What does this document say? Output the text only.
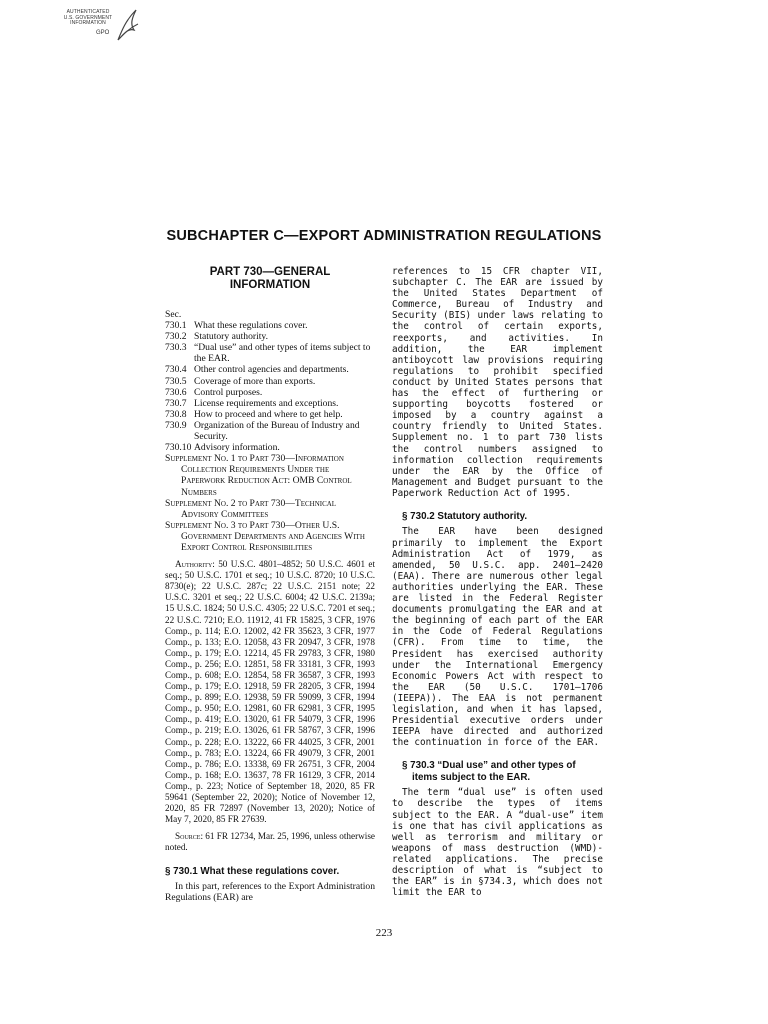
AUTHENTICATED
U.S. GOVERNMENT
INFORMATION
GPO
SUBCHAPTER C—EXPORT ADMINISTRATION REGULATIONS
PART 730—GENERAL
INFORMATION
Sec.
730.1 What these regulations cover.
730.2 Statutory authority.
730.3 “Dual use” and other types of items subject to the EAR.
730.4 Other control agencies and departments.
730.5 Coverage of more than exports.
730.6 Control purposes.
730.7 License requirements and exceptions.
730.8 How to proceed and where to get help.
730.9 Organization of the Bureau of Industry and Security.
730.10 Advisory information.
Supplement No. 1 to Part 730—Information Collection Requirements Under the Paperwork Reduction Act: OMB Control Numbers
Supplement No. 2 to Part 730—Technical Advisory Committees
Supplement No. 3 to Part 730—Other U.S. Government Departments and Agencies With Export Control Responsibilities
Authority: 50 U.S.C. 4801–4852; 50 U.S.C. 4601 et seq.; 50 U.S.C. 1701 et seq.; 10 U.S.C. 8720; 10 U.S.C. 8730(e); 22 U.S.C. 287c; 22 U.S.C. 2151 note; 22 U.S.C. 3201 et seq.; 22 U.S.C. 6004; 42 U.S.C. 2139a; 15 U.S.C. 1824; 50 U.S.C. 4305; 22 U.S.C. 7201 et seq.; 22 U.S.C. 7210; E.O. 11912, 41 FR 15825, 3 CFR, 1976 Comp., p. 114; E.O. 12002, 42 FR 35623, 3 CFR, 1977 Comp., p. 133; E.O. 12058, 43 FR 20947, 3 CFR, 1978 Comp., p. 179; E.O. 12214, 45 FR 29783, 3 CFR, 1980 Comp., p. 256; E.O. 12851, 58 FR 33181, 3 CFR, 1993 Comp., p. 608; E.O. 12854, 58 FR 36587, 3 CFR, 1993 Comp., p. 179; E.O. 12918, 59 FR 28205, 3 CFR, 1994 Comp., p. 899; E.O. 12938, 59 FR 59099, 3 CFR, 1994 Comp., p. 950; E.O. 12981, 60 FR 62981, 3 CFR, 1995 Comp., p. 419; E.O. 13020, 61 FR 54079, 3 CFR, 1996 Comp., p. 219; E.O. 13026, 61 FR 58767, 3 CFR, 1996 Comp., p. 228; E.O. 13222, 66 FR 44025, 3 CFR, 2001 Comp., p. 783; E.O. 13224, 66 FR 49079, 3 CFR, 2001 Comp., p. 786; E.O. 13338, 69 FR 26751, 3 CFR, 2004 Comp., p. 168; E.O. 13637, 78 FR 16129, 3 CFR, 2014 Comp., p. 223; Notice of September 18, 2020, 85 FR 59641 (September 22, 2020); Notice of November 12, 2020, 85 FR 72897 (November 13, 2020); Notice of May 7, 2020, 85 FR 27639.
Source: 61 FR 12734, Mar. 25, 1996, unless otherwise noted.
§ 730.1 What these regulations cover.
In this part, references to the Export Administration Regulations (EAR) are
references to 15 CFR chapter VII, subchapter C. The EAR are issued by the United States Department of Commerce, Bureau of Industry and Security (BIS) under laws relating to the control of certain exports, reexports, and activities. In addition, the EAR implement antiboycott law provisions requiring regulations to prohibit specified conduct by United States persons that has the effect of furthering or supporting boycotts fostered or imposed by a country against a country friendly to United States. Supplement no. 1 to part 730 lists the control numbers assigned to information collection requirements under the EAR by the Office of Management and Budget pursuant to the Paperwork Reduction Act of 1995.
§ 730.2 Statutory authority.
The EAR have been designed primarily to implement the Export Administration Act of 1979, as amended, 50 U.S.C. app. 2401–2420 (EAA). There are numerous other legal authorities underlying the EAR. These are listed in the Federal Register documents promulgating the EAR and at the beginning of each part of the EAR in the Code of Federal Regulations (CFR). From time to time, the President has exercised authority under the International Emergency Economic Powers Act with respect to the EAR (50 U.S.C. 1701–1706 (IEEPA)). The EAA is not permanent legislation, and when it has lapsed, Presidential executive orders under IEEPA have directed and authorized the continuation in force of the EAR.
§ 730.3 “Dual use” and other types of items subject to the EAR.
The term “dual use” is often used to describe the types of items subject to the EAR. A “dual-use” item is one that has civil applications as well as terrorism and military or weapons of mass destruction (WMD)-related applications. The precise description of what is “subject to the EAR” is in §734.3, which does not limit the EAR to
223
